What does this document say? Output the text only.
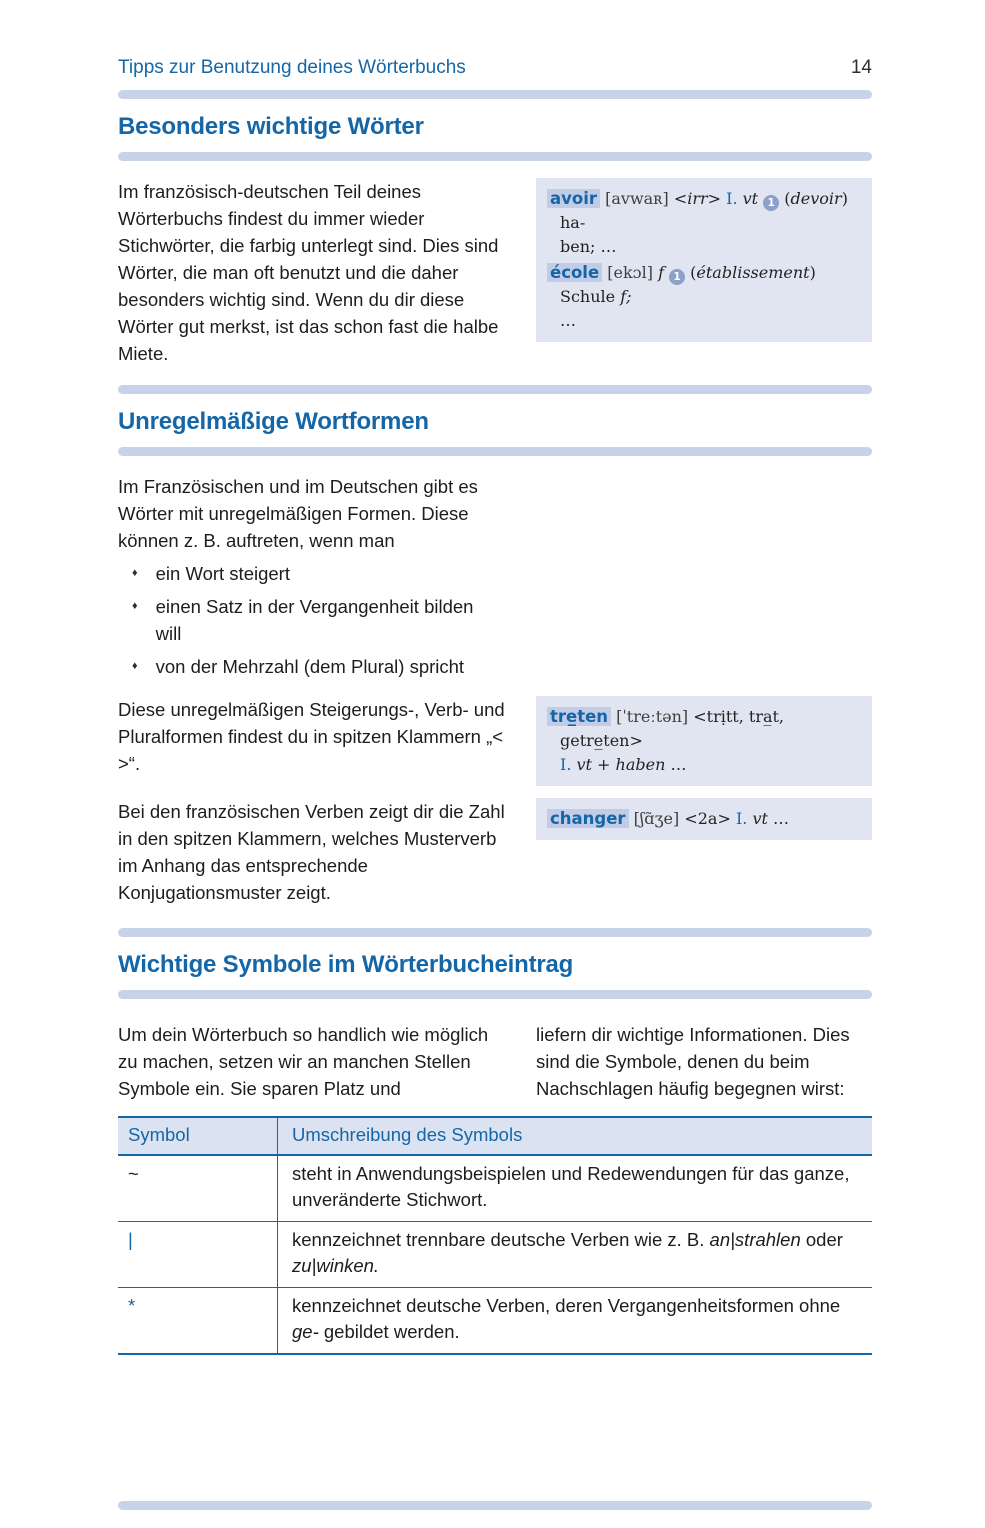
Tipps zur Benutzung deines Wörterbuchs	14
Besonders wichtige Wörter

Im französisch-deutschen Teil deines Wörterbuchs findest du immer wieder Stichwörter, die farbig unterlegt sind. Dies sind Wörter, die man oft benutzt und die daher besonders wichtig sind. Wenn du dir diese Wörter gut merkst, ist das schon fast die halbe Miete.

avoir [avwaʀ] <irr> I. vt 1 (devoir) ha-
ben; …
école [ekɔl] f 1 (établissement) Schule f;
…
Unregelmäßige Wortformen

Im Französischen und im Deutschen gibt es Wörter mit unregelmäßigen Formen. Diese können z. B. auftreten, wenn man

♦ ein Wort steigert
♦ einen Satz in der Vergangenheit bilden will
♦ von der Mehrzahl (dem Plural) spricht

Diese unregelmäßigen Steigerungs-, Verb- und Pluralformen findest du in spitzen Klammern „< >“.

tre̲ten [ˈtreːtən] <trịtt, tra̲t, getre̲ten>
I. vt + haben …

Bei den französischen Verben zeigt dir die Zahl in den spitzen Klammern, welches Musterverb im Anhang das entsprechende Konjugationsmuster zeigt.

changer [ʃɑ̃ʒe] <2a> I. vt …
Wichtige Symbole im Wörterbucheintrag

Um dein Wörterbuch so handlich wie möglich zu machen, setzen wir an manchen Stellen Symbole ein. Sie sparen Platz und

liefern dir wichtige Informationen. Dies sind die Symbole, denen du beim Nachschlagen häufig begegnen wirst:

Symbol	Umschreibung des Symbols
~	steht in Anwendungsbeispielen und Redewendungen für das ganze, unveränderte Stichwort.
|	kennzeichnet trennbare deutsche Verben wie z. B. an|strahlen oder zu|winken.
*	kennzeichnet deutsche Verben, deren Vergangenheitsformen ohne ge- gebildet werden.
